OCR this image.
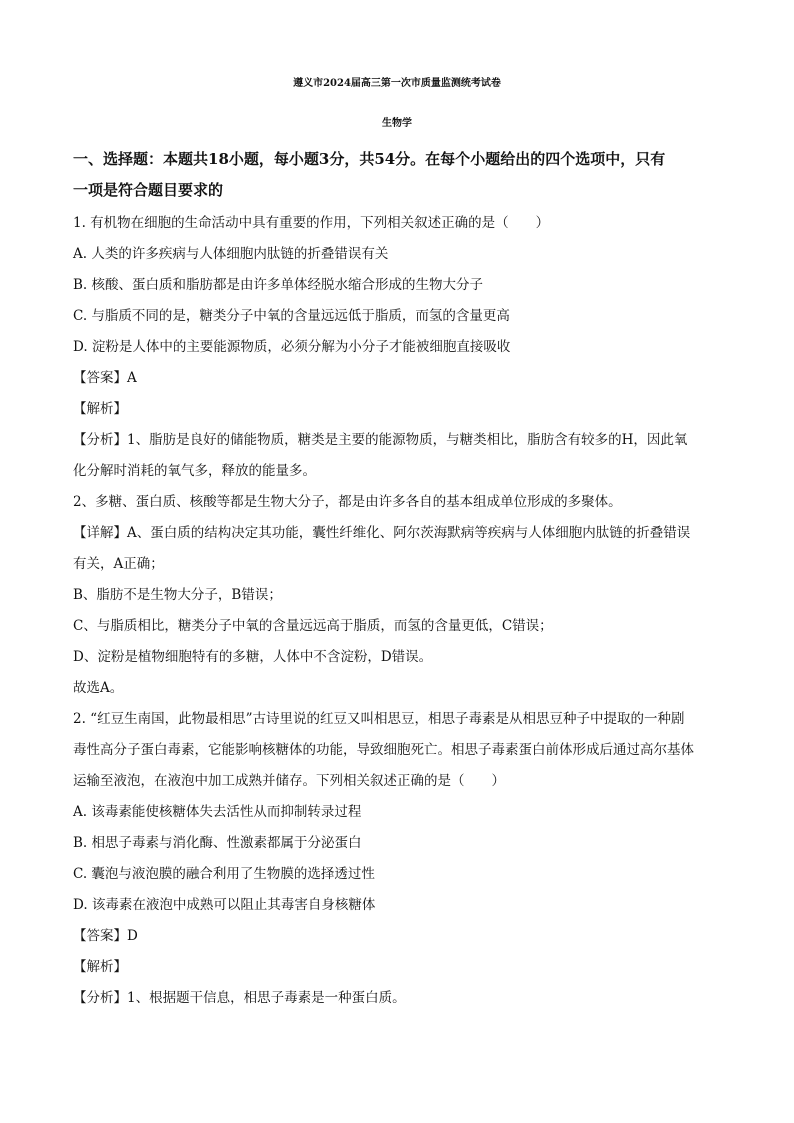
遵义市2024届高三第一次市质量监测统考试卷
生物学
一、选择题：本题共18小题，每小题3分，共54分。在每个小题给出的四个选项中，只有
一项是符合题目要求的
1. 有机物在细胞的生命活动中具有重要的作用，下列相关叙述正确的是（　　）
A. 人类的许多疾病与人体细胞内肽链的折叠错误有关
B. 核酸、蛋白质和脂肪都是由许多单体经脱水缩合形成的生物大分子
C. 与脂质不同的是，糖类分子中氧的含量远远低于脂质，而氢的含量更高
D. 淀粉是人体中的主要能源物质，必须分解为小分子才能被细胞直接吸收
【答案】A
【解析】
【分析】1、脂肪是良好的储能物质，糖类是主要的能源物质，与糖类相比，脂肪含有较多的H，因此氧
化分解时消耗的氧气多，释放的能量多。
2、多糖、蛋白质、核酸等都是生物大分子，都是由许多各自的基本组成单位形成的多聚体。
【详解】A、蛋白质的结构决定其功能，囊性纤维化、阿尔茨海默病等疾病与人体细胞内肽链的折叠错误
有关，A正确；
B、脂肪不是生物大分子，B错误；
C、与脂质相比，糖类分子中氧的含量远远高于脂质，而氢的含量更低，C错误；
D、淀粉是植物细胞特有的多糖，人体中不含淀粉，D错误。
故选A。
2. “红豆生南国，此物最相思”古诗里说的红豆又叫相思豆，相思子毒素是从相思豆种子中提取的一种剧
毒性高分子蛋白毒素，它能影响核糖体的功能，导致细胞死亡。相思子毒素蛋白前体形成后通过高尔基体
运输至液泡，在液泡中加工成熟并储存。下列相关叙述正确的是（　　）
A. 该毒素能使核糖体失去活性从而抑制转录过程
B. 相思子毒素与消化酶、性激素都属于分泌蛋白
C. 囊泡与液泡膜的融合利用了生物膜的选择透过性
D. 该毒素在液泡中成熟可以阻止其毒害自身核糖体
【答案】D
【解析】
【分析】1、根据题干信息，相思子毒素是一种蛋白质。
